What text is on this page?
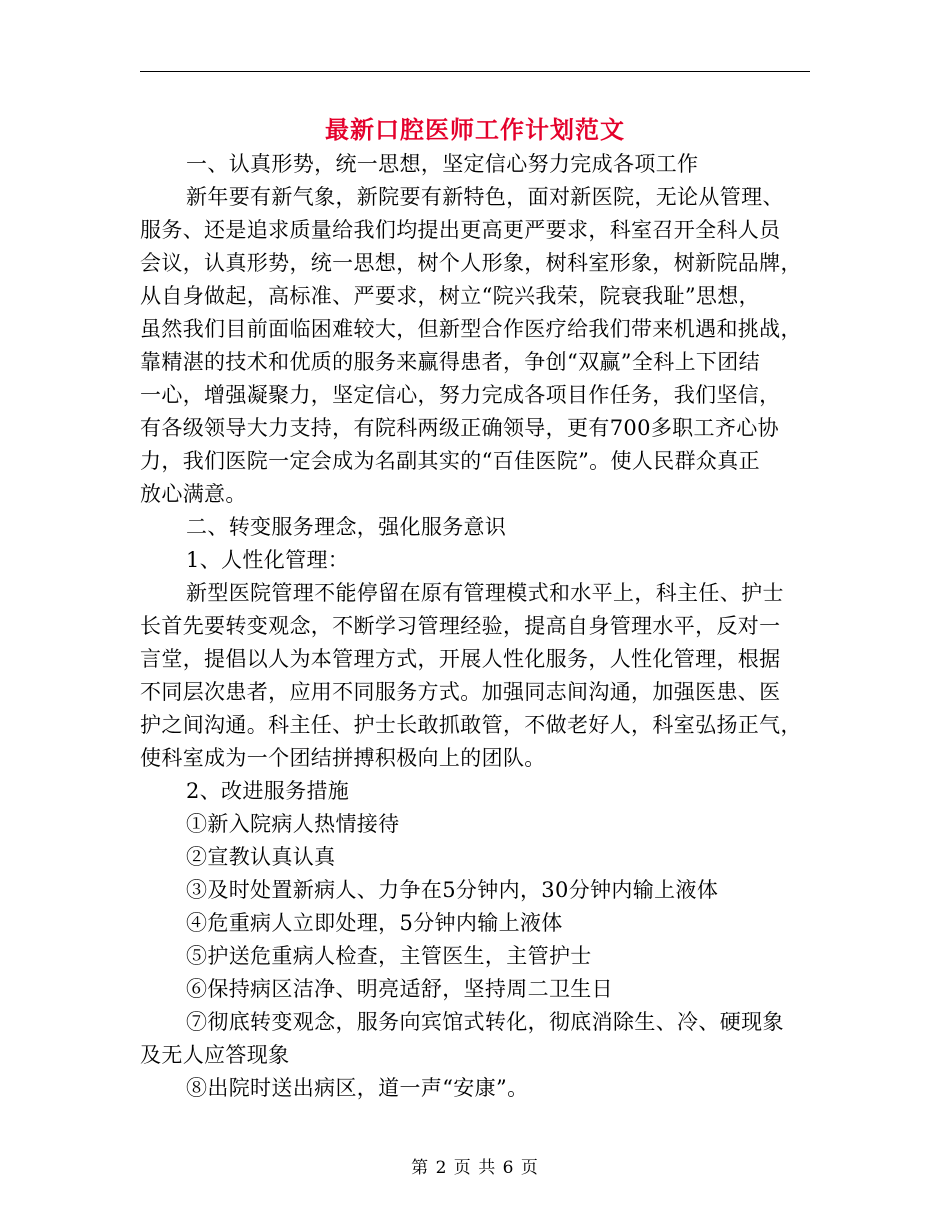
最新口腔医师工作计划范文
一、认真形势，统一思想，坚定信心努力完成各项工作
新年要有新气象，新院要有新特色，面对新医院，无论从管理、
服务、还是追求质量给我们均提出更高更严要求，科室召开全科人员
会议，认真形势，统一思想，树个人形象，树科室形象，树新院品牌，
从自身做起，高标准、严要求，树立“院兴我荣，院衰我耻”思想，
虽然我们目前面临困难较大，但新型合作医疗给我们带来机遇和挑战，
靠精湛的技术和优质的服务来赢得患者，争创“双赢”全科上下团结
一心，增强凝聚力，坚定信心，努力完成各项目作任务，我们坚信，
有各级领导大力支持，有院科两级正确领导，更有700多职工齐心协
力，我们医院一定会成为名副其实的“百佳医院”。使人民群众真正
放心满意。
二、转变服务理念，强化服务意识
1、人性化管理：
新型医院管理不能停留在原有管理模式和水平上，科主任、护士
长首先要转变观念，不断学习管理经验，提高自身管理水平，反对一
言堂，提倡以人为本管理方式，开展人性化服务，人性化管理，根据
不同层次患者，应用不同服务方式。加强同志间沟通，加强医患、医
护之间沟通。科主任、护士长敢抓敢管，不做老好人，科室弘扬正气，
使科室成为一个团结拼搏积极向上的团队。
2、改进服务措施
①新入院病人热情接待
②宣教认真认真
③及时处置新病人、力争在5分钟内，30分钟内输上液体
④危重病人立即处理，5分钟内输上液体
⑤护送危重病人检查，主管医生，主管护士
⑥保持病区洁净、明亮适舒，坚持周二卫生日
⑦彻底转变观念，服务向宾馆式转化，彻底消除生、冷、硬现象
及无人应答现象
⑧出院时送出病区，道一声“安康”。
第 2 页 共 6 页
